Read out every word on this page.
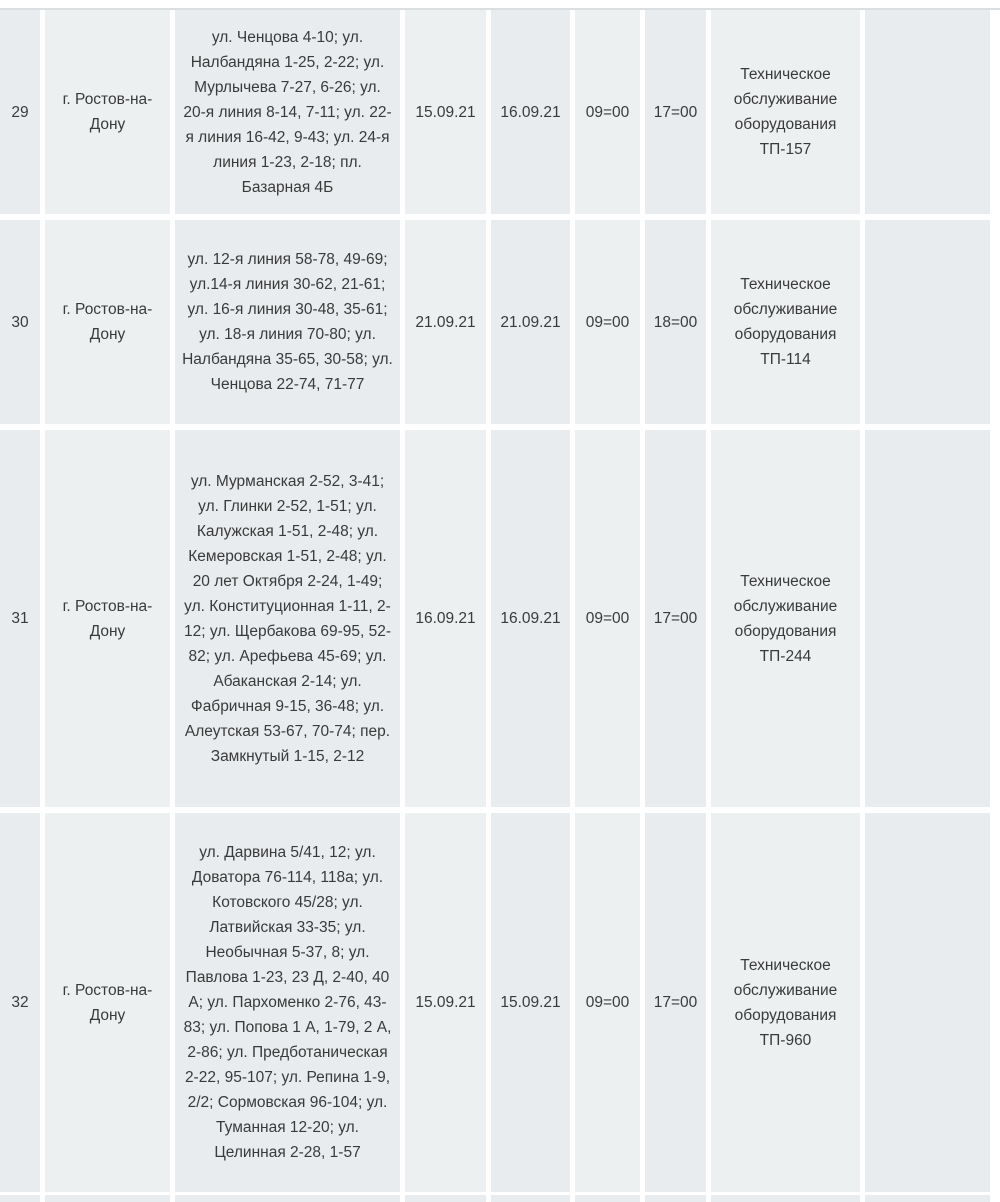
29	г. Ростов-на-Дону	ул. Ченцова 4-10; ул. Налбандяна 1-25, 2-22; ул. Мурлычева 7-27, 6-26; ул. 20-я линия 8-14, 7-11; ул. 22-я линия 16-42, 9-43; ул. 24-я линия 1-23, 2-18; пл. Базарная 4Б	15.09.21	16.09.21	09=00	17=00	Техническое обслуживание оборудования ТП-157	
30	г. Ростов-на-Дону	ул. 12-я линия 58-78, 49-69; ул.14-я линия 30-62, 21-61; ул. 16-я линия 30-48, 35-61; ул. 18-я линия 70-80; ул. Налбандяна 35-65, 30-58; ул. Ченцова 22-74, 71-77	21.09.21	21.09.21	09=00	18=00	Техническое обслуживание оборудования ТП-114	
31	г. Ростов-на-Дону	ул. Мурманская 2-52, 3-41; ул. Глинки 2-52, 1-51; ул. Калужская 1-51, 2-48; ул. Кемеровская 1-51, 2-48; ул. 20 лет Октября 2-24, 1-49; ул. Конституционная 1-11, 2-12; ул. Щербакова 69-95, 52-82; ул. Арефьева 45-69; ул. Абаканская 2-14; ул. Фабричная 9-15, 36-48; ул. Алеутская 53-67, 70-74; пер. Замкнутый 1-15, 2-12	16.09.21	16.09.21	09=00	17=00	Техническое обслуживание оборудования ТП-244	
32	г. Ростов-на-Дону	ул. Дарвина 5/41, 12; ул. Доватора 76-114, 118а; ул. Котовского 45/28; ул. Латвийская 33-35; ул. Необычная 5-37, 8; ул. Павлова 1-23, 23 Д, 2-40, 40 А; ул. Пархоменко 2-76, 43-83; ул. Попова 1 А, 1-79, 2 А, 2-86; ул. Предботаническая 2-22, 95-107; ул. Репина 1-9, 2/2; Сормовская 96-104; ул. Туманная 12-20; ул. Целинная 2-28, 1-57	15.09.21	15.09.21	09=00	17=00	Техническое обслуживание оборудования ТП-960	
